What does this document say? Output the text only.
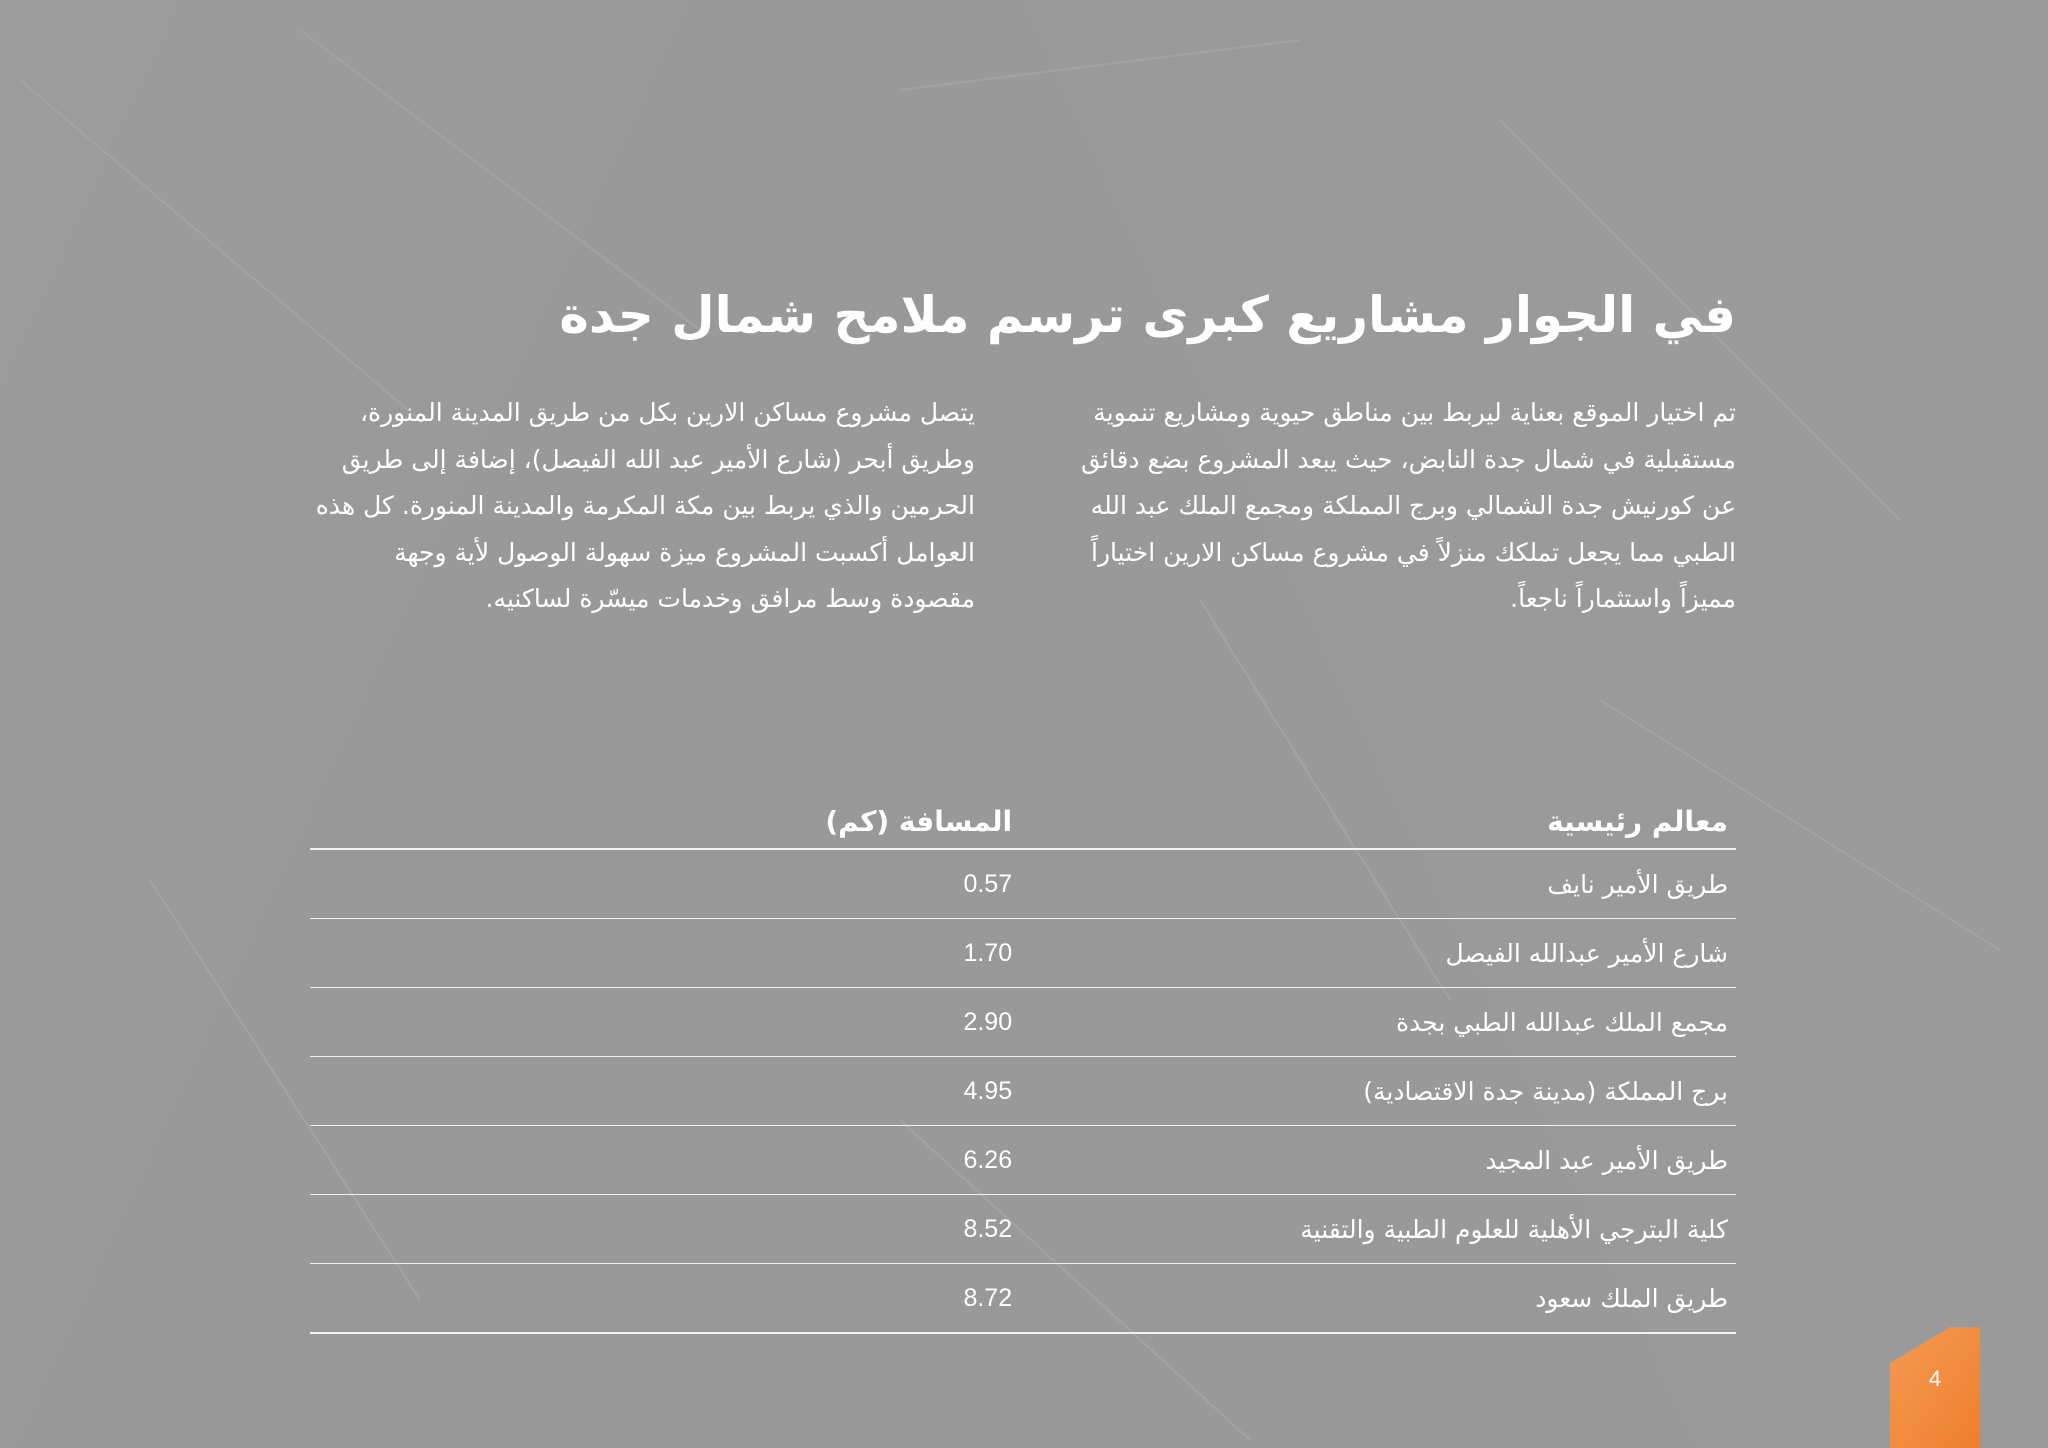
في الجوار مشاريع كبرى ترسم ملامح شمال جدة

تم اختيار الموقع بعناية ليربط بين مناطق حيوية ومشاريع تنموية مستقبلية في شمال جدة النابض، حيث يبعد المشروع بضع دقائق عن كورنيش جدة الشمالي وبرج المملكة ومجمع الملك عبد الله الطبي مما يجعل تملكك منزلاً في مشروع مساكن الارين اختياراً مميزاً واستثماراً ناجعاً.

يتصل مشروع مساكن الارين بكل من طريق المدينة المنورة، وطريق أبحر (شارع الأمير عبد الله الفيصل)، إضافة إلى طريق الحرمين والذي يربط بين مكة المكرمة والمدينة المنورة. كل هذه العوامل أكسبت المشروع ميزة سهولة الوصول لأية وجهة مقصودة وسط مرافق وخدمات ميسّرة لساكنيه.

معالم رئيسية	المسافة (كم)
طريق الأمير نايف	0.57
شارع الأمير عبدالله الفيصل	1.70
مجمع الملك عبدالله الطبي بجدة	2.90
برج المملكة (مدينة جدة الاقتصادية)	4.95
طريق الأمير عبد المجيد	6.26
كلية البترجي الأهلية للعلوم الطبية والتقنية	8.52
طريق الملك سعود	8.72
4
